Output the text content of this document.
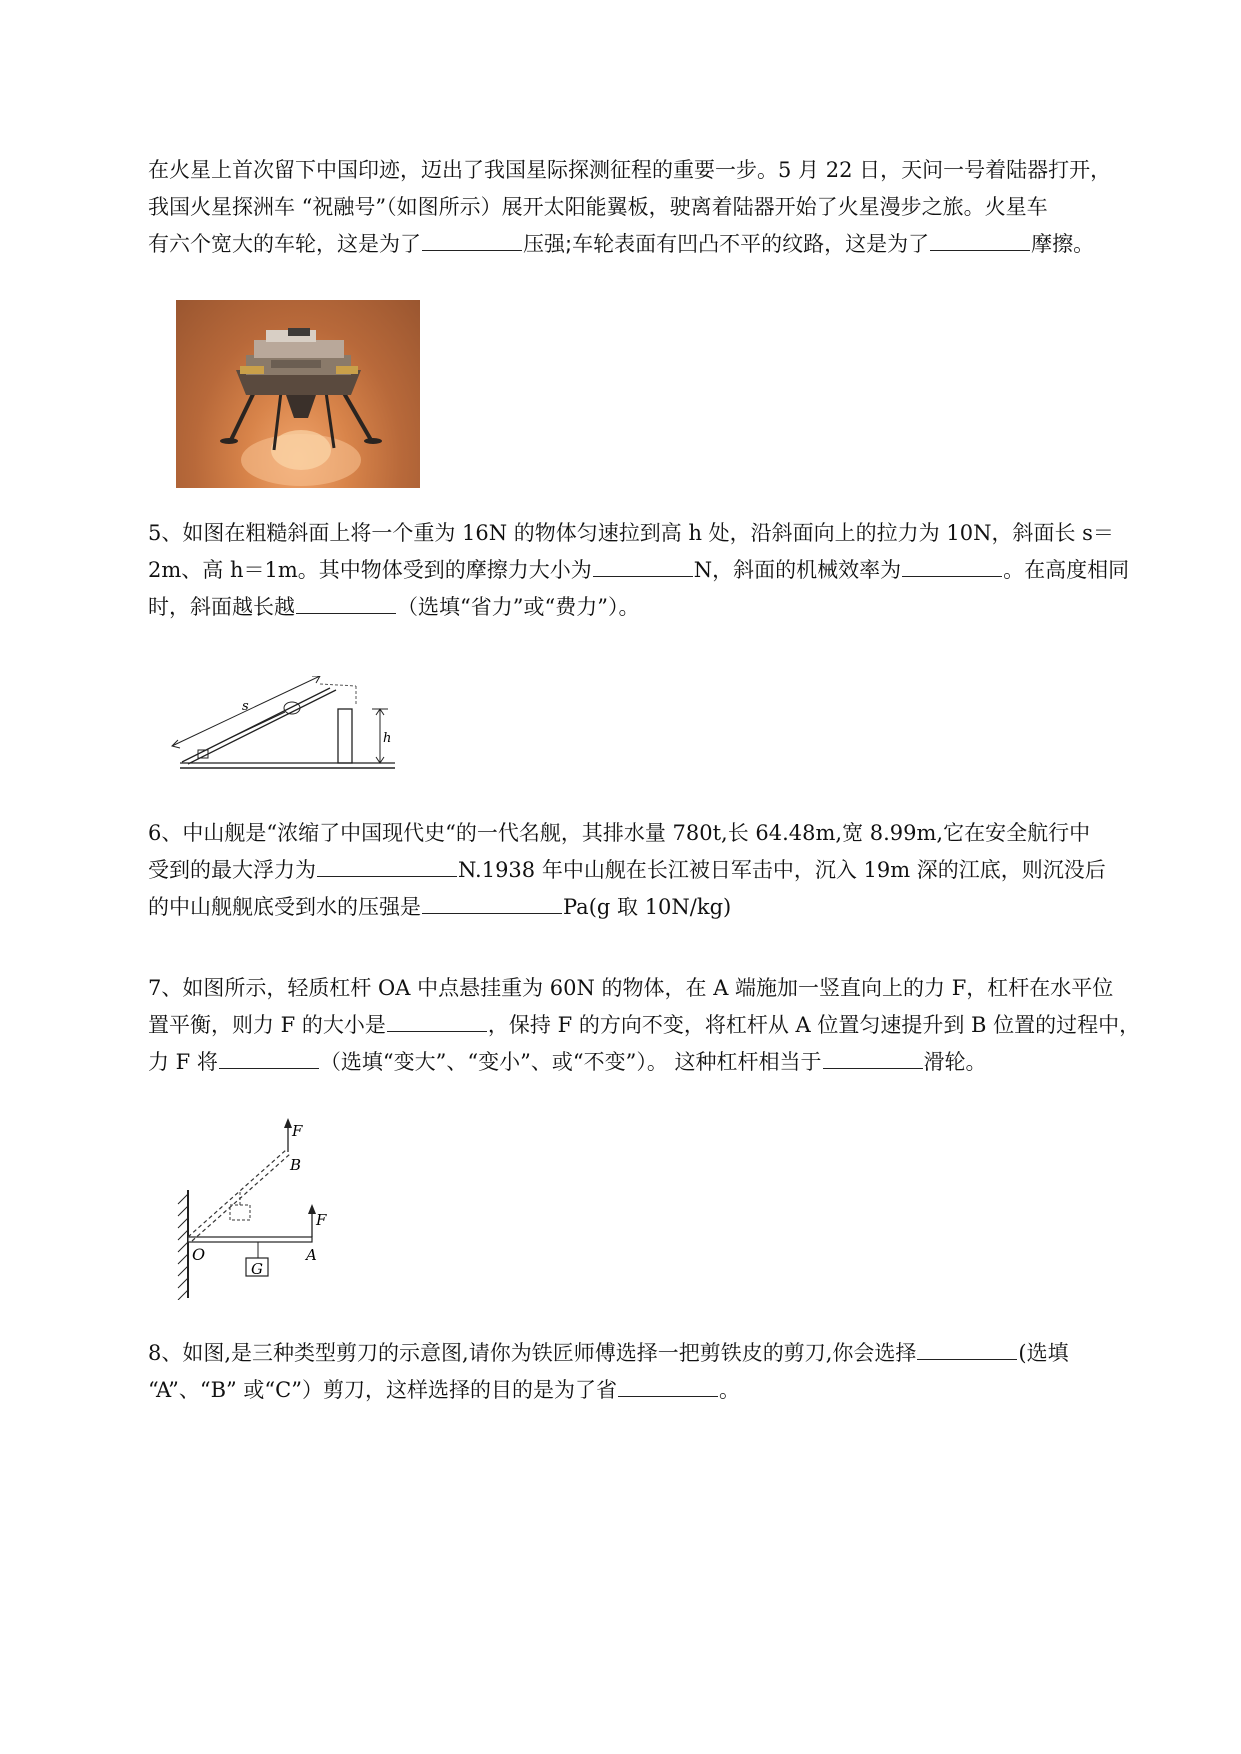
在火星上首次留下中国印迹，迈出了我国星际探测征程的重要一步。5 月 22 日，天问一号着陆器打开，
我国火星探洲车 “祝融号”（如图所示）展开太阳能翼板，驶离着陆器开始了火星漫步之旅。火星车
有六个宽大的车轮，这是为了	压强;车轮表面有凹凸不平的纹路，这是为了	摩擦。
5、如图在粗糙斜面上将一个重为 16N 的物体匀速拉到高 h 处，沿斜面向上的拉力为 10N，斜面长 s＝
2m、高 h＝1m。其中物体受到的摩擦力大小为	N，斜面的机械效率为	。在高度相同
时，斜面越长越	（选填“省力”或“费力”）。
s
h
6、中山舰是“浓缩了中国现代史“的一代名舰，其排水量 780t,长 64.48m,宽 8.99m,它在安全航行中
受到的最大浮力为	N.1938 年中山舰在长江被日军击中，沉入 19m 深的江底，则沉没后
的中山舰舰底受到水的压强是	Pa(g 取 10N/kg)
7、如图所示，轻质杠杆 OA 中点悬挂重为 60N 的物体，在 A 端施加一竖直向上的力 F，杠杆在水平位
置平衡，则力 F 的大小是	，保持 F 的方向不变，将杠杆从 A 位置匀速提升到 B 位置的过程中，
力 F 将	（选填“变大”、“变小”、或“不变”）。 这种杠杆相当于	滑轮。
F
G
O	A
F
B
8、如图,是三种类型剪刀的示意图,请你为铁匠师傅选择一把剪铁皮的剪刀,你会选择	(选填
“A”、“B” 或“C”）剪刀，这样选择的目的是为了省	。
